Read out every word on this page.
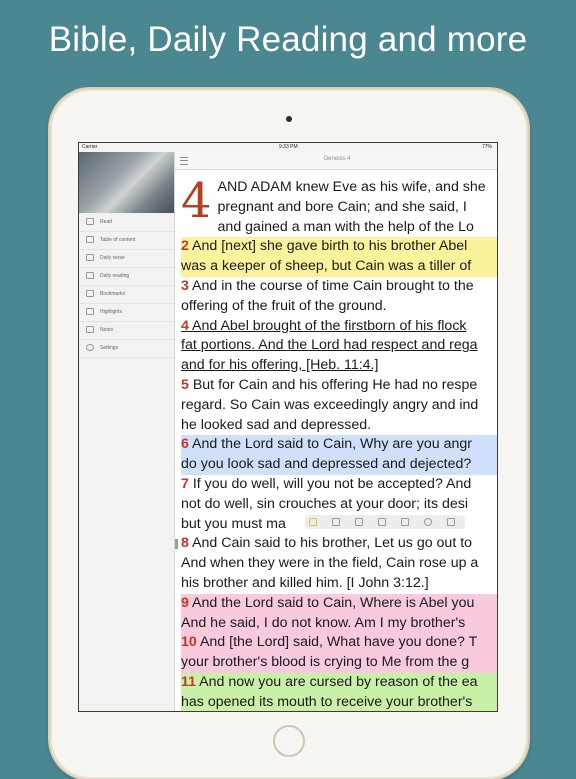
Bible, Daily Reading and more
Carrier	9:33 PM	77%
Read
Table of content
Daily verse
Daily reading
Bookmarks
Highlights
Notes
Settings
Genesis 4
4 AND ADAM knew Eve as his wife, and she
pregnant and bore Cain; and she said, I
and gained a man with the help of the Lo
2 And [next] she gave birth to his brother Abel
was a keeper of sheep, but Cain was a tiller of
3 And in the course of time Cain brought to the
offering of the fruit of the ground.
4 And Abel brought of the firstborn of his flock
fat portions. And the Lord had respect and rega
and for his offering, [Heb. 11:4.]
5 But for Cain and his offering He had no respe
regard. So Cain was exceedingly angry and ind
he looked sad and depressed.
6 And the Lord said to Cain, Why are you angr
do you look sad and depressed and dejected?
7 If you do well, will you not be accepted? And
not do well, sin crouches at your door; its desi
but you must ma
8 And Cain said to his brother, Let us go out to
And when they were in the field, Cain rose up a
his brother and killed him. [I John 3:12.]
9 And the Lord said to Cain, Where is Abel you
And he said, I do not know. Am I my brother's
10 And [the Lord] said, What have you done? T
your brother's blood is crying to Me from the g
11 And now you are cursed by reason of the ea
has opened its mouth to receive your brother's
